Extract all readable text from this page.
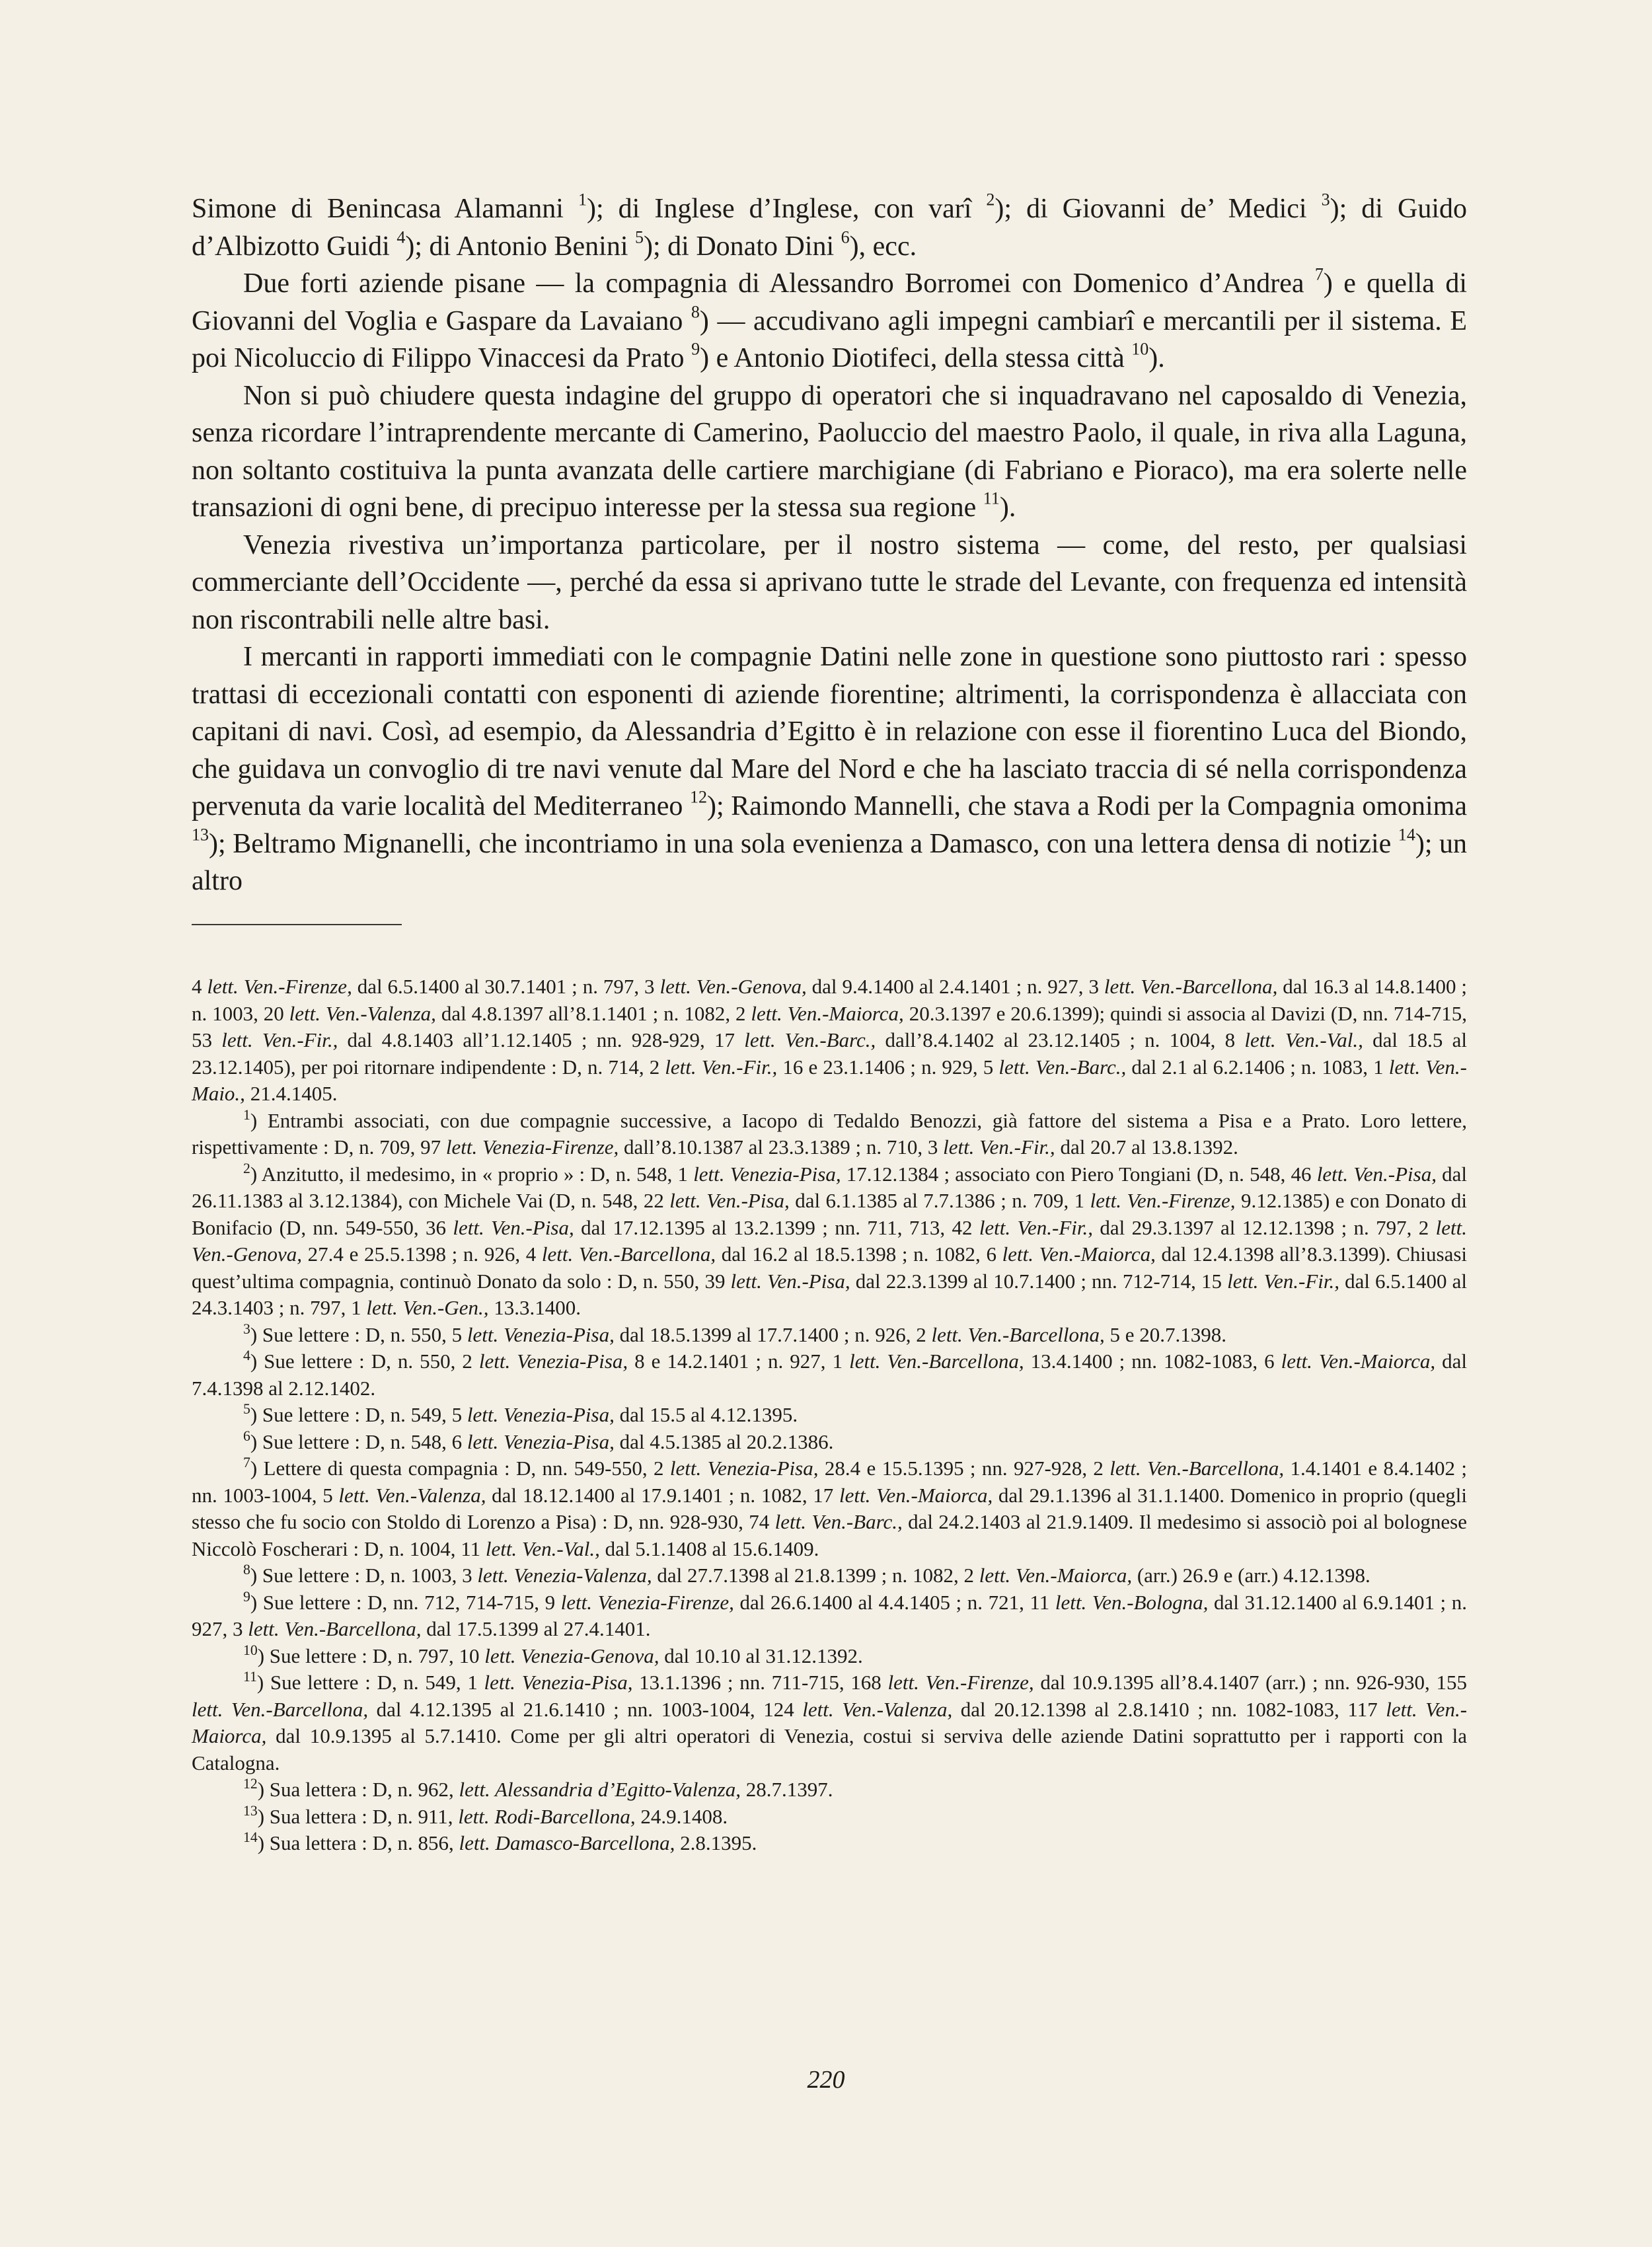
Simone di Benincasa Alamanni $^1$); di Inglese d’Inglese, con varî $^2$); di Giovanni de’ Medici $^3$); di Guido d’Albizotto Guidi $^4$); di Antonio Benini $^5$); di Donato Dini $^6$), ecc.

Due forti aziende pisane — la compagnia di Alessandro Borromei con Domenico d’Andrea $^7$) e quella di Giovanni del Voglia e Gaspare da Lavaiano $^8$) — accudivano agli impegni cambiarî e mercantili per il sistema. E poi Nicoluccio di Filippo Vinaccesi da Prato $^9$) e Antonio Diotifeci, della stessa città $^{10}$).

Non si può chiudere questa indagine del gruppo di operatori che si inquadravano nel caposaldo di Venezia, senza ricordare l’intraprendente mercante di Camerino, Paoluccio del maestro Paolo, il quale, in riva alla Laguna, non soltanto costituiva la punta avanzata delle cartiere marchigiane (di Fabriano e Pioraco), ma era solerte nelle transazioni di ogni bene, di precipuo interesse per la stessa sua regione $^{11}$).

Venezia rivestiva un’importanza particolare, per il nostro sistema — come, del resto, per qualsiasi commerciante dell’Occidente —, perché da essa si aprivano tutte le strade del Levante, con frequenza ed intensità non riscontrabili nelle altre basi.

I mercanti in rapporti immediati con le compagnie Datini nelle zone in questione sono piuttosto rari : spesso trattasi di eccezionali contatti con esponenti di aziende fiorentine; altrimenti, la corrispondenza è allacciata con capitani di navi. Così, ad esempio, da Alessandria d’Egitto è in relazione con esse il fiorentino Luca del Biondo, che guidava un convoglio di tre navi venute dal Mare del Nord e che ha lasciato traccia di sé nella corrispondenza pervenuta da varie località del Mediterraneo $^{12}$); Raimondo Mannelli, che stava a Rodi per la Compagnia omonima $^{13}$); Beltramo Mignanelli, che incontriamo in una sola evenienza a Damasco, con una lettera densa di notizie $^{14}$); un altro

4 lett. Ven.-Firenze, dal 6.5.1400 al 30.7.1401 ; n. 797, 3 lett. Ven.-Genova, dal 9.4.1400 al 2.4.1401 ; n. 927, 3 lett. Ven.-Barcellona, dal 16.3 al 14.8.1400 ; n. 1003, 20 lett. Ven.-Valenza, dal 4.8.1397 all’8.1.1401 ; n. 1082, 2 lett. Ven.-Maiorca, 20.3.1397 e 20.6.1399); quindi si associa al Davizi (D, nn. 714-715, 53 lett. Ven.-Fir., dal 4.8.1403 all’1.12.1405 ; nn. 928-929, 17 lett. Ven.-Barc., dall’8.4.1402 al 23.12.1405 ; n. 1004, 8 lett. Ven.-Val., dal 18.5 al 23.12.1405), per poi ritornare indipendente : D, n. 714, 2 lett. Ven.-Fir., 16 e 23.1.1406 ; n. 929, 5 lett. Ven.-Barc., dal 2.1 al 6.2.1406 ; n. 1083, 1 lett. Ven.-Maio., 21.4.1405.

$^1$) Entrambi associati, con due compagnie successive, a Iacopo di Tedaldo Benozzi, già fattore del sistema a Pisa e a Prato. Loro lettere, rispettivamente : D, n. 709, 97 lett. Venezia-Firenze, dall’8.10.1387 al 23.3.1389 ; n. 710, 3 lett. Ven.-Fir., dal 20.7 al 13.8.1392.

$^2$) Anzitutto, il medesimo, in « proprio » : D, n. 548, 1 lett. Venezia-Pisa, 17.12.1384 ; associato con Piero Tongiani (D, n. 548, 46 lett. Ven.-Pisa, dal 26.11.1383 al 3.12.1384), con Michele Vai (D, n. 548, 22 lett. Ven.-Pisa, dal 6.1.1385 al 7.7.1386 ; n. 709, 1 lett. Ven.-Firenze, 9.12.1385) e con Donato di Bonifacio (D, nn. 549-550, 36 lett. Ven.-Pisa, dal 17.12.1395 al 13.2.1399 ; nn. 711, 713, 42 lett. Ven.-Fir., dal 29.3.1397 al 12.12.1398 ; n. 797, 2 lett. Ven.-Genova, 27.4 e 25.5.1398 ; n. 926, 4 lett. Ven.-Barcellona, dal 16.2 al 18.5.1398 ; n. 1082, 6 lett. Ven.-Maiorca, dal 12.4.1398 all’8.3.1399). Chiusasi quest’ultima compagnia, continuò Donato da solo : D, n. 550, 39 lett. Ven.-Pisa, dal 22.3.1399 al 10.7.1400 ; nn. 712-714, 15 lett. Ven.-Fir., dal 6.5.1400 al 24.3.1403 ; n. 797, 1 lett. Ven.-Gen., 13.3.1400.

$^3$) Sue lettere : D, n. 550, 5 lett. Venezia-Pisa, dal 18.5.1399 al 17.7.1400 ; n. 926, 2 lett. Ven.-Barcellona, 5 e 20.7.1398.

$^4$) Sue lettere : D, n. 550, 2 lett. Venezia-Pisa, 8 e 14.2.1401 ; n. 927, 1 lett. Ven.-Barcellona, 13.4.1400 ; nn. 1082-1083, 6 lett. Ven.-Maiorca, dal 7.4.1398 al 2.12.1402.

$^5$) Sue lettere : D, n. 549, 5 lett. Venezia-Pisa, dal 15.5 al 4.12.1395.

$^6$) Sue lettere : D, n. 548, 6 lett. Venezia-Pisa, dal 4.5.1385 al 20.2.1386.

$^7$) Lettere di questa compagnia : D, nn. 549-550, 2 lett. Venezia-Pisa, 28.4 e 15.5.1395 ; nn. 927-928, 2 lett. Ven.-Barcellona, 1.4.1401 e 8.4.1402 ; nn. 1003-1004, 5 lett. Ven.-Valenza, dal 18.12.1400 al 17.9.1401 ; n. 1082, 17 lett. Ven.-Maiorca, dal 29.1.1396 al 31.1.1400. Domenico in proprio (quegli stesso che fu socio con Stoldo di Lorenzo a Pisa) : D, nn. 928-930, 74 lett. Ven.-Barc., dal 24.2.1403 al 21.9.1409. Il medesimo si associò poi al bolognese Niccolò Foscherari : D, n. 1004, 11 lett. Ven.-Val., dal 5.1.1408 al 15.6.1409.

$^8$) Sue lettere : D, n. 1003, 3 lett. Venezia-Valenza, dal 27.7.1398 al 21.8.1399 ; n. 1082, 2 lett. Ven.-Maiorca, (arr.) 26.9 e (arr.) 4.12.1398.

$^9$) Sue lettere : D, nn. 712, 714-715, 9 lett. Venezia-Firenze, dal 26.6.1400 al 4.4.1405 ; n. 721, 11 lett. Ven.-Bologna, dal 31.12.1400 al 6.9.1401 ; n. 927, 3 lett. Ven.-Barcellona, dal 17.5.1399 al 27.4.1401.

$^{10}$) Sue lettere : D, n. 797, 10 lett. Venezia-Genova, dal 10.10 al 31.12.1392.

$^{11}$) Sue lettere : D, n. 549, 1 lett. Venezia-Pisa, 13.1.1396 ; nn. 711-715, 168 lett. Ven.-Firenze, dal 10.9.1395 all’8.4.1407 (arr.) ; nn. 926-930, 155 lett. Ven.-Barcellona, dal 4.12.1395 al 21.6.1410 ; nn. 1003-1004, 124 lett. Ven.-Valenza, dal 20.12.1398 al 2.8.1410 ; nn. 1082-1083, 117 lett. Ven.-Maiorca, dal 10.9.1395 al 5.7.1410. Come per gli altri operatori di Venezia, costui si serviva delle aziende Datini soprattutto per i rapporti con la Catalogna.

$^{12}$) Sua lettera : D, n. 962, lett. Alessandria d’Egitto-Valenza, 28.7.1397.

$^{13}$) Sua lettera : D, n. 911, lett. Rodi-Barcellona, 24.9.1408.

$^{14}$) Sua lettera : D, n. 856, lett. Damasco-Barcellona, 2.8.1395.

220
